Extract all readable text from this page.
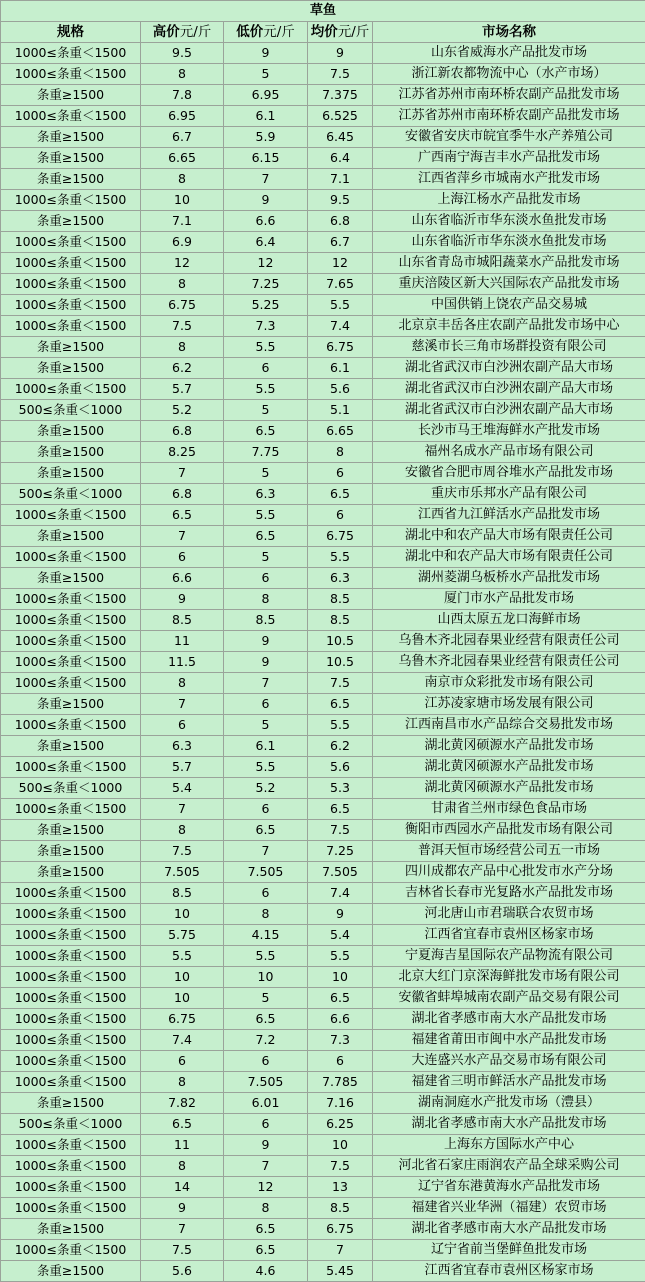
草鱼				
规格	高价元/斤	低价元/斤	均价元/斤	市场名称
1000≤条重＜1500	9.5	9	9	山东省威海水产品批发市场
1000≤条重＜1500	8	5	7.5	浙江新农都物流中心（水产市场）
条重≥1500	7.8	6.95	7.375	江苏省苏州市南环桥农副产品批发市场
1000≤条重＜1500	6.95	6.1	6.525	江苏省苏州市南环桥农副产品批发市场
条重≥1500	6.7	5.9	6.45	安徽省安庆市皖宜季牛水产养殖公司
条重≥1500	6.65	6.15	6.4	广西南宁海吉丰水产品批发市场
条重≥1500	8	7	7.1	江西省萍乡市城南水产批发市场
1000≤条重＜1500	10	9	9.5	上海江杨水产品批发市场
条重≥1500	7.1	6.6	6.8	山东省临沂市华东淡水鱼批发市场
1000≤条重＜1500	6.9	6.4	6.7	山东省临沂市华东淡水鱼批发市场
1000≤条重＜1500	12	12	12	山东省青岛市城阳蔬菜水产品批发市场
1000≤条重＜1500	8	7.25	7.65	重庆涪陵区新大兴国际农产品批发市场
1000≤条重＜1500	6.75	5.25	5.5	中国供销上饶农产品交易城
1000≤条重＜1500	7.5	7.3	7.4	北京京丰岳各庄农副产品批发市场中心
条重≥1500	8	5.5	6.75	慈溪市长三角市场群投资有限公司
条重≥1500	6.2	6	6.1	湖北省武汉市白沙洲农副产品大市场
1000≤条重＜1500	5.7	5.5	5.6	湖北省武汉市白沙洲农副产品大市场
500≤条重＜1000	5.2	5	5.1	湖北省武汉市白沙洲农副产品大市场
条重≥1500	6.8	6.5	6.65	长沙市马王堆海鲜水产批发市场
条重≥1500	8.25	7.75	8	福州名成水产品市场有限公司
条重≥1500	7	5	6	安徽省合肥市周谷堆水产品批发市场
500≤条重＜1000	6.8	6.3	6.5	重庆市乐邦水产品有限公司
1000≤条重＜1500	6.5	5.5	6	江西省九江鲜活水产品批发市场
条重≥1500	7	6.5	6.75	湖北中和农产品大市场有限责任公司
1000≤条重＜1500	6	5	5.5	湖北中和农产品大市场有限责任公司
条重≥1500	6.6	6	6.3	湖州菱湖乌板桥水产品批发市场
1000≤条重＜1500	9	8	8.5	厦门市水产品批发市场
1000≤条重＜1500	8.5	8.5	8.5	山西太原五龙口海鲜市场
1000≤条重＜1500	11	9	10.5	乌鲁木齐北园春果业经营有限责任公司
1000≤条重＜1500	11.5	9	10.5	乌鲁木齐北园春果业经营有限责任公司
1000≤条重＜1500	8	7	7.5	南京市众彩批发市场有限公司
条重≥1500	7	6	6.5	江苏凌家塘市场发展有限公司
1000≤条重＜1500	6	5	5.5	江西南昌市水产品综合交易批发市场
条重≥1500	6.3	6.1	6.2	湖北黄冈硕源水产品批发市场
1000≤条重＜1500	5.7	5.5	5.6	湖北黄冈硕源水产品批发市场
500≤条重＜1000	5.4	5.2	5.3	湖北黄冈硕源水产品批发市场
1000≤条重＜1500	7	6	6.5	甘肃省兰州市绿色食品市场
条重≥1500	8	6.5	7.5	衡阳市西园水产品批发市场有限公司
条重≥1500	7.5	7	7.25	普洱天恒市场经营公司五一市场
条重≥1500	7.505	7.505	7.505	四川成都农产品中心批发市水产分场
1000≤条重＜1500	8.5	6	7.4	吉林省长春市光复路水产品批发市场
1000≤条重＜1500	10	8	9	河北唐山市君瑞联合农贸市场
1000≤条重＜1500	5.75	4.15	5.4	江西省宜春市袁州区杨家市场
1000≤条重＜1500	5.5	5.5	5.5	宁夏海吉星国际农产品物流有限公司
1000≤条重＜1500	10	10	10	北京大红门京深海鲜批发市场有限公司
1000≤条重＜1500	10	5	6.5	安徽省蚌埠城南农副产品交易有限公司
1000≤条重＜1500	6.75	6.5	6.6	湖北省孝感市南大水产品批发市场
1000≤条重＜1500	7.4	7.2	7.3	福建省莆田市闽中水产品批发市场
1000≤条重＜1500	6	6	6	大连盛兴水产品交易市场有限公司
1000≤条重＜1500	8	7.505	7.785	福建省三明市鲜活水产品批发市场
条重≥1500	7.82	6.01	7.16	湖南洞庭水产批发市场（澧县）
500≤条重＜1000	6.5	6	6.25	湖北省孝感市南大水产品批发市场
1000≤条重＜1500	11	9	10	上海东方国际水产中心
1000≤条重＜1500	8	7	7.5	河北省石家庄雨润农产品全球采购公司
1000≤条重＜1500	14	12	13	辽宁省东港黄海水产品批发市场
1000≤条重＜1500	9	8	8.5	福建省兴业华洲（福建）农贸市场
条重≥1500	7	6.5	6.75	湖北省孝感市南大水产品批发市场
1000≤条重＜1500	7.5	6.5	7	辽宁省前当堡鲜鱼批发市场
条重≥1500	5.6	4.6	5.45	江西省宜春市袁州区杨家市场
